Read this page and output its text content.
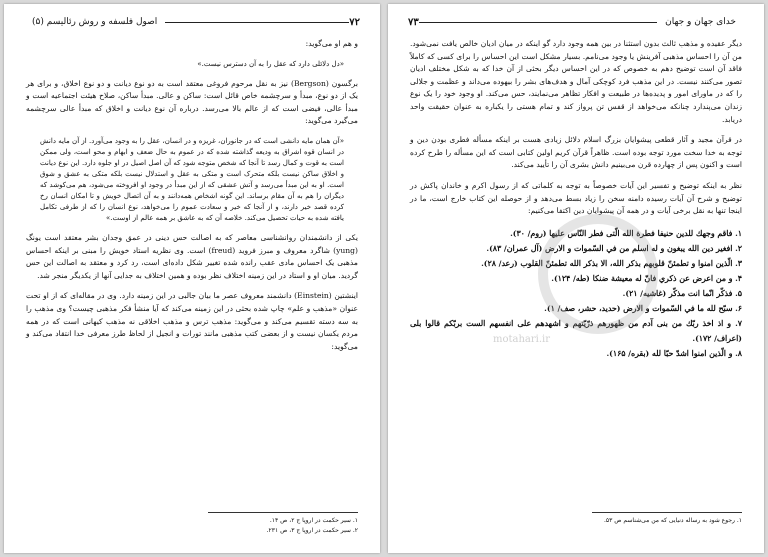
۷۲
اصول فلسفه و روش رئالیسم (۵)

و هم او می‌گوید:

«دل دلائلی دارد که عقل را به آن دسترس نیست.»

برگسون (Bergson) نیز به نقل مرحوم فروغی معتقد است به دو نوع دیانت و دو نوع اخلاق، و برای هر یک از دو نوع، مبدأ و سرچشمه خاص قائل است: ساکن و عالی. مبدأ ساکن، صلاح هیئت اجتماعیه است و مبدأ عالی، فیضی است که از عالم بالا می‌رسد. درباره آن نوع دیانت و اخلاق که مبدأ عالی سرچشمه می‌گیرد می‌گوید:

«آن همان مایه دانشی است که در جانوران، غریزه و در انسان، عقل را به وجود می‌آورد. از آن مایه دانش در انسان قوه اشراق به ودیعه گذاشته شده که در عموم به حال ضعف و ابهام و محو است، ولی ممکن است به قوت و کمال رسد تا آنجا که شخص متوجه شود که آن اصل اصیل در او جلوه دارد. این نوع دیانت و اخلاق ساکن نیست بلکه متحرک است و متکی به عقل و استدلال نیست بلکه متکی به عشق و شوق است. او به این مبدأ می‌رسد و آتش عشقی که از این مبدأ در وجود او افروخته می‌شود، هم می‌کوشد که دیگران را هم به آن مقام برساند. این گونه اشخاص همه‌دانند و به آن اتصال خویش و تا امکان انسان رخ کرده قصد خیر دارند، و از آنجا که خیر و سعادت عموم را می‌خواهد، نوع انسان را که از طرفی تکامل یافته شده به حیات تحصیل می‌کند. خلاصه آن که به عاشق بر همه عالم از اوست.»

یکی از دانشمندان روانشناسی معاصر که به اصالت حس دینی در عمق وجدان بشر معتقد است یونگ (yung) شاگرد معروف و مبرز فروید (freud) است. وی نظریه استاد خویش را مبنی بر اینکه احساس مذهبی یک احساس مادی عقب رانده شده تغییر شکل داده‌ای است، رد کرد و معتقد به اصالت این حس گردید. میان او و استاد در این زمینه اختلاف نظر بوده و همین اختلاف به جدایی آنها از یکدیگر منجر شد.

اینشتین (Einstein) دانشمند معروف عصر ما بیان جالبی در این زمینه دارد. وی در مقاله‌ای که از او تحت عنوان «مذهب و علم» چاپ شده بحثی در این زمینه می‌کند که آیا منشأ فکر مذهبی چیست؟ وی مذهب را به سه دسته تقسیم می‌کند و می‌گوید: مذهب ترس و مذهب اخلاقی نه مذهب کیهانی است که در همه مردم یکسان نیست و از بعضی کتب مذهبی مانند تورات و انجیل از لحاظ طرز معرفی خدا انتقاد می‌کند و می‌گوید:

۱. سیر حکمت در اروپا ج ۲، ص ۱۴.
۲. سیر حکمت در اروپا ج ۳، ص ۲۳۱.
خدای جهان و جهان
۷۳

دیگر عقیده و مذهب ثالث بدون استثنا در بین همه وجود دارد گو اینکه در میان ادیان خالص یافت نمی‌شود. من آن را احساس مذهبی آفرینش یا وجود می‌نامم. بسیار مشکل است این احساس را برای کسی که کاملاً فاقد آن است توضیح دهم به خصوص که در این احساس دیگر بحثی از آن خدا که به شکل مختلف ادیان تصور می‌کنند نیست. در این مذهب فرد کوچکی آمال و هدف‌های بشر را بیهوده می‌داند و عظمت و جلالی را که در ماورای امور و پدیده‌ها در طبیعت و افکار تظاهر می‌نمایند، حس می‌کند. او وجود خود را یک نوع زندان می‌پندارد چنانکه می‌خواهد از قفس تن پرواز کند و تمام هستی را یکباره به عنوان حقیقت واحد دریابد.

در قرآن مجید و آثار قطعی پیشوایان بزرگ اسلام دلائل زیادی هست بر اینکه مسأله فطری بودن دین و توجه به خدا سخت مورد توجه بوده است. ظاهراً قرآن کریم اولین کتابی است که این مسأله را طرح کرده است و اکنون پس از چهارده قرن می‌بینیم دانش بشری آن را تأیید می‌کند.

نظر به اینکه توضیح و تفسیر این آیات خصوصاً به توجه به کلماتی که از رسول اکرم و خاندان پاکش در توضیح و شرح آن آیات رسیده دامنه سخن را زیاد بسط می‌دهد و از حوصله این کتاب خارج است، ما در اینجا تنها به نقل برخی آیات و در همه آن پیشوایان دین اکتفا می‌کنیم:

۱. فاقم وجهك للدين حنيفا فطرة الله الّتى فطر النّاس عليها (روم/ ۳۰).
۲. افغیر دین الله یبغون و له اسلم من في السّموات و الارض (آل عمران/ ۸۳).
۳. الّذين امنوا و تطمئنّ قلوبهم بذكر الله، الا بذكر الله تطمئنّ القلوب (رعد/ ۲۸).
۴. و من اعرض عن ذكري فانّ له معيشة ضنكا (طه/ ۱۲۴).
۵. فذكّر انّما انت مذكّر (غاشيه/ ۲۱).
۶. سبّح لله ما في السّموات و الارض (حدید، حشر، صف/ ۱).
۷. و اذ اخذ ربّك من بنى آدم من ظهورهم ذرّيّتهم و اشهدهم على انفسهم الست بربّكم قالوا بلى (اعراف/ ۱۷۲).
۸. و الّذين امنوا اشدّ حبّا لله (بقره/ ۱۶۵).
motahari.ir
۱. رجوع شود به رساله دنیایی که من می‌شناسم ص ۵۳.
